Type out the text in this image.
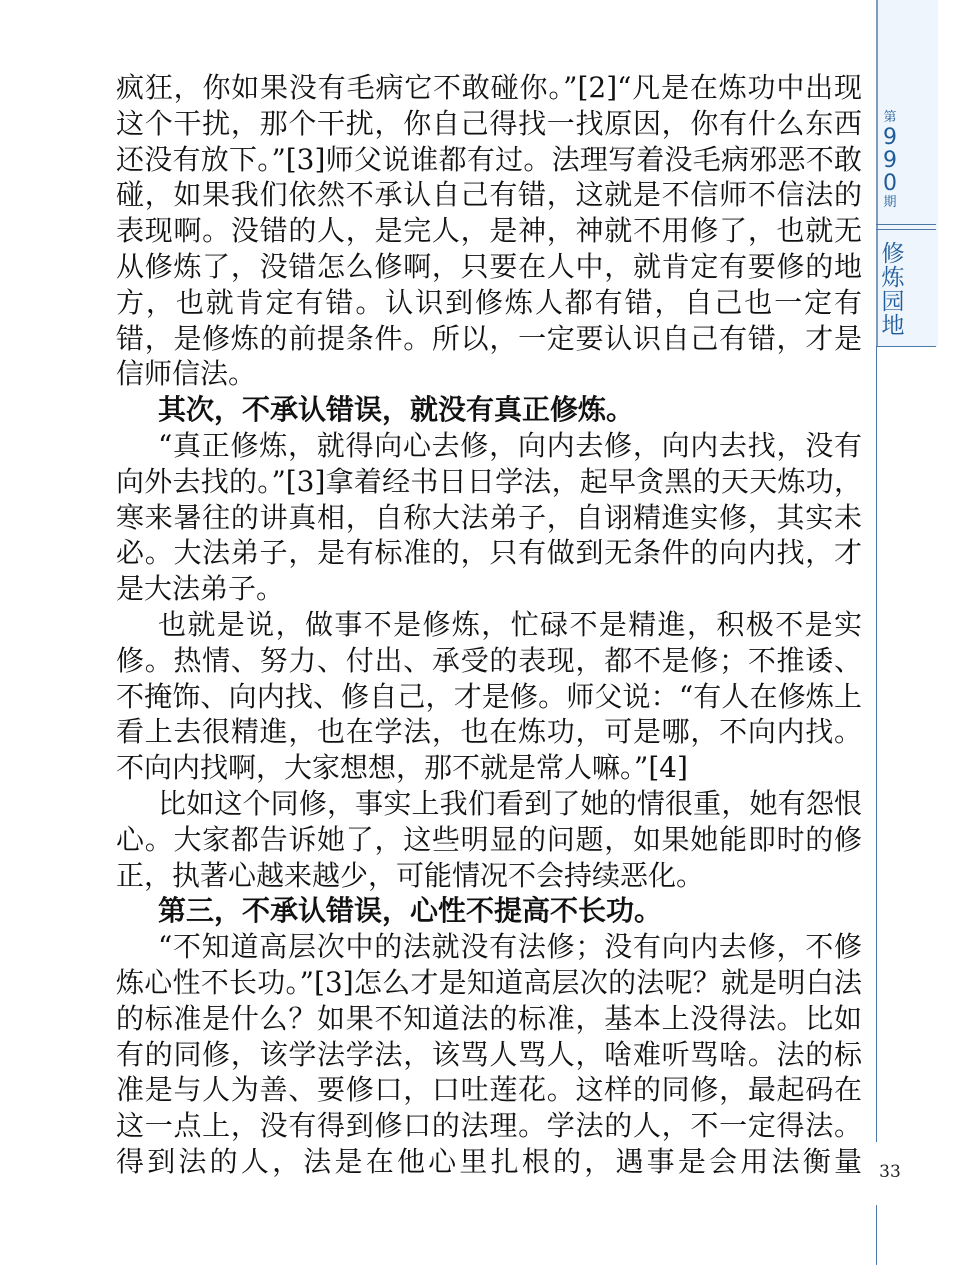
第
9
9
0
期
修
炼
园
地
33

疯狂，你如果没有毛病它不敢碰你。”[2]“凡是在炼功中出现这个干扰，那个干扰，你自己得找一找原因，你有什么东西还没有放下。”[3]师父说谁都有过。法理写着没毛病邪恶不敢碰，如果我们依然不承认自己有错，这就是不信师不信法的表现啊。没错的人，是完人，是神，神就不用修了，也就无从修炼了，没错怎么修啊，只要在人中，就肯定有要修的地方，也就肯定有错。认识到修炼人都有错，自己也一定有错，是修炼的前提条件。所以，一定要认识自己有错，才是信师信法。

其次，不承认错误，就没有真正修炼。

“真正修炼，就得向心去修，向内去修，向内去找，没有向外去找的。”[3]拿着经书日日学法，起早贪黑的天天炼功，寒来暑往的讲真相，自称大法弟子，自诩精進实修，其实未必。大法弟子，是有标准的，只有做到无条件的向内找，才是大法弟子。

也就是说，做事不是修炼，忙碌不是精進，积极不是实修。热情、努力、付出、承受的表现，都不是修；不推诿、不掩饰、向内找、修自己，才是修。师父说：“有人在修炼上看上去很精進，也在学法，也在炼功，可是哪，不向内找。不向内找啊，大家想想，那不就是常人嘛。”[4]

比如这个同修，事实上我们看到了她的情很重，她有怨恨心。大家都告诉她了，这些明显的问题，如果她能即时的修正，执著心越来越少，可能情况不会持续恶化。

第三，不承认错误，心性不提高不长功。

“不知道高层次中的法就没有法修；没有向内去修，不修炼心性不长功。”[3]怎么才是知道高层次的法呢？就是明白法的标准是什么？如果不知道法的标准，基本上没得法。比如有的同修，该学法学法，该骂人骂人，啥难听骂啥。法的标准是与人为善、要修口，口吐莲花。这样的同修，最起码在这一点上，没有得到修口的法理。学法的人，不一定得法。得到法的人，法是在他心里扎根的，遇事是会用法衡量
